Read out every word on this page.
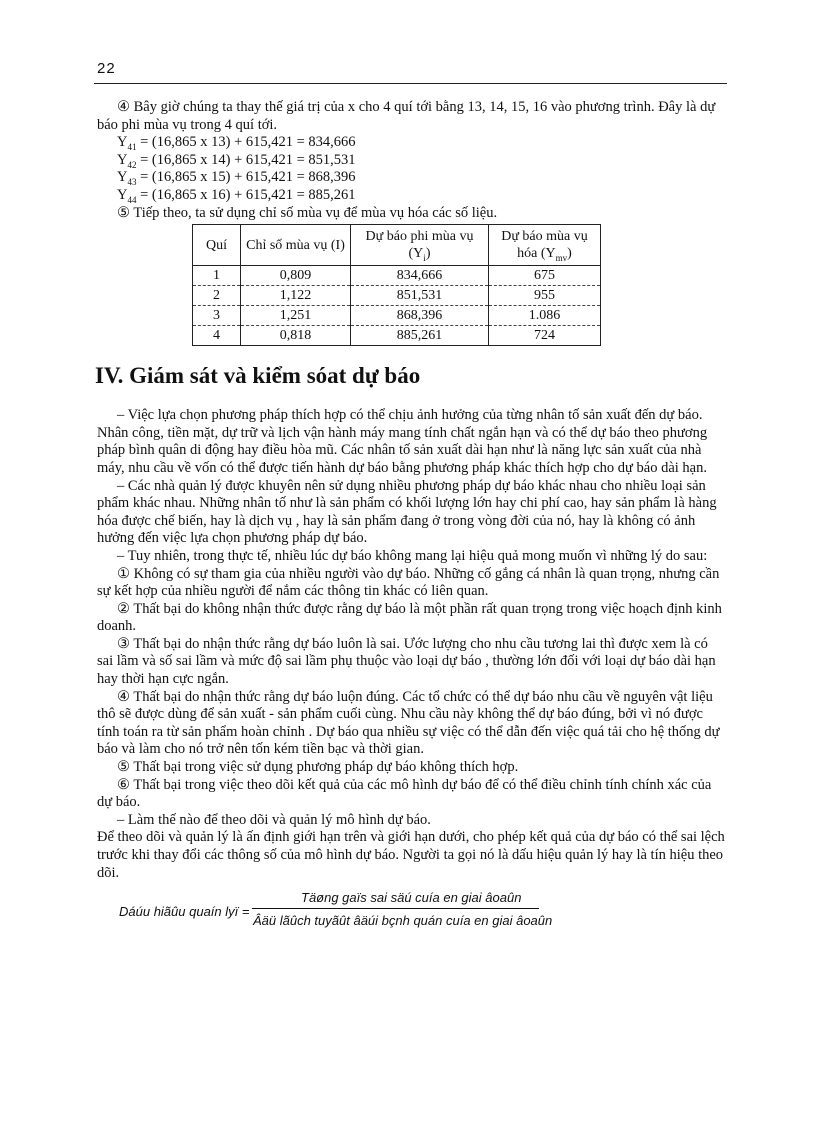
22

④ Bây giờ chúng ta thay thế giá trị của x cho 4 quí tới bằng 13, 14, 15, 16 vào phương trình. Đây là dự báo phi mùa vụ trong 4 quí tới.

$Y_{41} = (16,865$ x 13) + 615,421 = 834,666

$Y_{42} = (16,865$ x 14) + 615,421 = 851,531

$Y_{43} = (16,865$ x 15) + 615,421 = 868,396

$Y_{44} = (16,865$ x 16) + 615,421 = 885,261

⑤ Tiếp theo, ta sử dụng chỉ số mùa vụ để mùa vụ hóa các số liệu.

Quí	Chỉ số mùa vụ (I)	Dự báo phi mùa vụ $(Y_i)$	Dự báo mùa vụ hóa $(Y_{mv})$
1	0,809	834,666	675
2	1,122	851,531	955
3	1,251	868,396	1.086
4	0,818	885,261	724
IV. Giám sát và kiểm sóat dự báo

– Việc lựa chọn phương pháp thích hợp có thể chịu ảnh hưởng của từng nhân tố sản xuất đến dự báo. Nhân công, tiền mặt, dự trữ và lịch vận hành máy mang tính chất ngắn hạn và có thể dự báo theo phương pháp bình quân di động hay điều hòa mũ. Các nhân tố sản xuất dài hạn như là năng lực sản xuất của nhà máy, nhu cầu về vốn có thể được tiến hành dự báo bằng phương pháp khác thích hợp cho dự báo dài hạn.

– Các nhà quản lý được khuyên nên sử dụng nhiều phương pháp dự báo khác nhau cho nhiều loại sản phẩm khác nhau. Những nhân tố như là sản phẩm có khối lượng lớn hay chi phí cao, hay sản phẩm là hàng hóa được chế biến, hay là dịch vụ , hay là sản phẩm đang ở trong vòng đời của nó, hay là không có ảnh hưởng đến việc lựa chọn phương pháp dự báo.

– Tuy nhiên, trong thực tế, nhiều lúc dự báo không mang lại hiệu quả mong muốn vì những lý do sau:

① Không có sự tham gia của nhiều người vào dự báo. Những cố gắng cá nhân là quan trọng, nhưng cần sự kết hợp của nhiều người để nắm các thông tin khác có liên quan.

② Thất bại do không nhận thức được rằng dự báo là một phần rất quan trọng trong việc hoạch định kinh doanh.

③ Thất bại do nhận thức rằng dự báo luôn là sai. Ước lượng cho nhu cầu tương lai thì được xem là có sai lầm và số sai lầm và mức độ sai lầm phụ thuộc vào loại dự báo , thường lớn đối với loại dự báo dài hạn hay thời hạn cực ngắn.

④ Thất bại do nhận thức rằng dự báo luộn đúng. Các tổ chức có thể dự báo nhu cầu về nguyên vật liệu thô sẽ được dùng để sản xuất - sản phẩm cuối cùng. Nhu cầu này không thể dự báo đúng, bởi vì nó được tính toán ra từ sản phẩm hoàn chỉnh . Dự báo qua nhiều sự việc có thể dẫn đến việc quá tải cho hệ thống dự báo và làm cho nó trở nên tốn kém tiền bạc và thời gian.

⑤ Thất bại trong việc sử dụng phương pháp dự báo không thích hợp.

⑥ Thất bại trong việc theo dõi kết quả của các mô hình dự báo để có thể điều chỉnh tính chính xác của dự báo.

– Làm thế nào để theo dõi và quản lý mô hình dự báo.

Để theo dõi và quản lý là ấn định giới hạn trên và giới hạn dưới, cho phép kết quả của dự báo có thể sai lệch trước khi thay đổi các thông số của mô hình dự báo. Người ta gọi nó là dấu hiệu quản lý hay là tín hiệu theo dõi.

Dáúu hiãûu quaín lyï =
Täøng gaïs sai säú cuía en giai âoaûn
Âäü lãûch tuyãût âäúi bçnh quán cuía en giai âoaûn
